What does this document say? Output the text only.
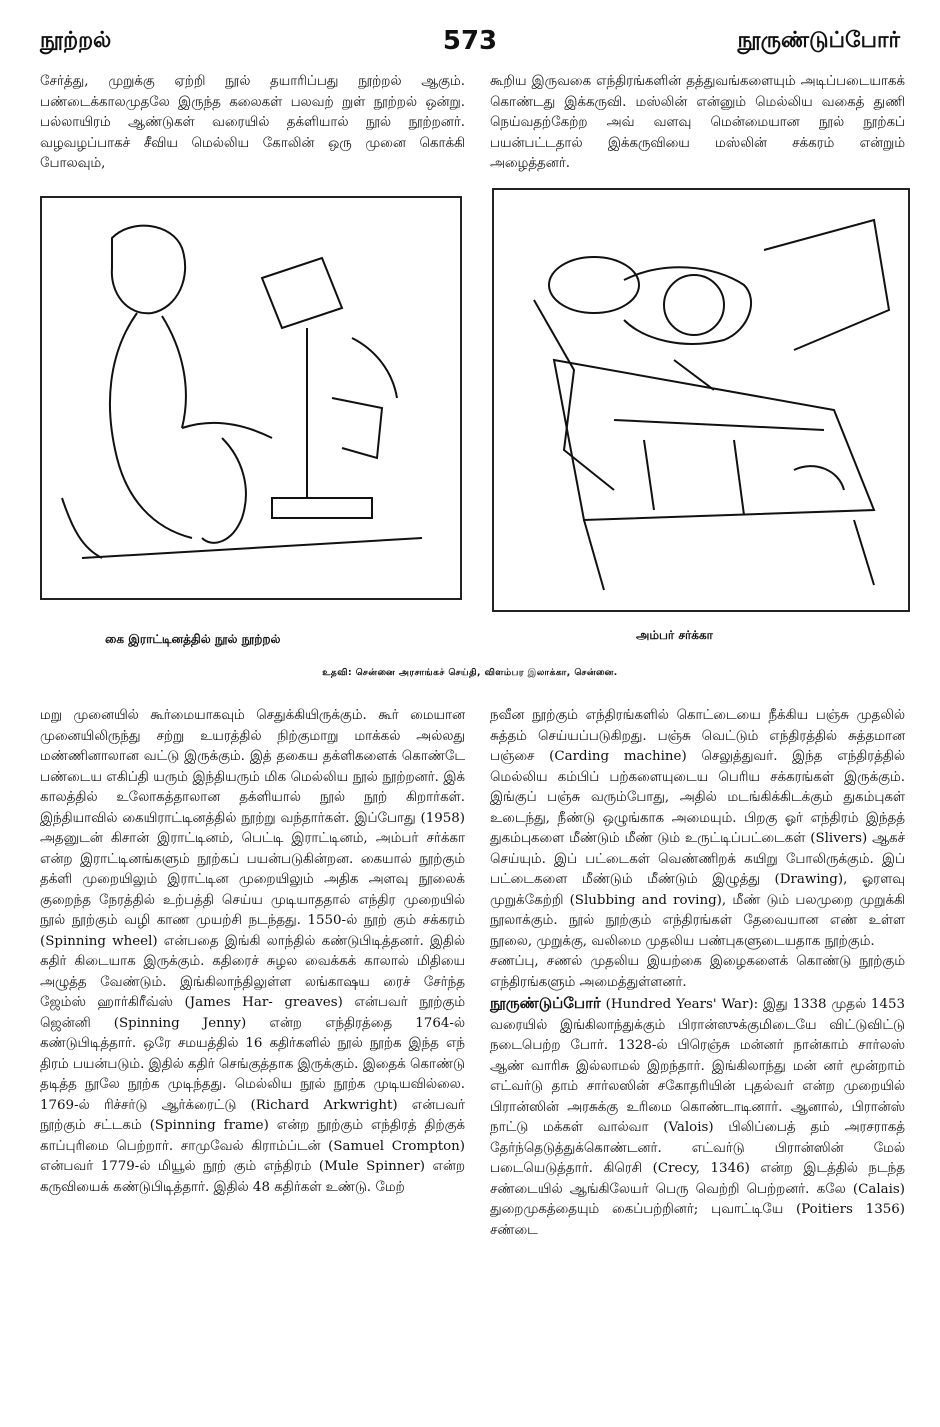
நூற்றல்	573	நூருண்டுப்போர்

சேர்த்து, முறுக்கு ஏற்றி நூல் தயாரிப்பது நூற்றல் ஆகும். பண்டைக்காலமுதலே இருந்த கலைகள் பலவற் றுள் நூற்றல் ஒன்று. பல்லாயிரம் ஆண்டுகள் வரையில் தக்ளியால் நூல் நூற்றனர். வழவழப்பாகச் சீவிய மெல்லிய கோலின் ஒரு முனை கொக்கி போலவும்,

கூறிய இருவகை எந்திரங்களின் தத்துவங்களையும் அடிப்படையாகக் கொண்டது இக்கருவி. மஸ்லின் என்னும் மெல்லிய வகைத் துணி நெய்வதற்கேற்ற அவ் வளவு மென்மையான நூல் நூற்கப் பயன்பட்டதால் இக்கருவியை மஸ்லின் சக்கரம் என்றும் அழைத்தனர்.

கை இராட்டினத்தில் நூல் நூற்றல்	அம்பர் சர்க்கா
உதவி: சென்னை அரசாங்கச் செய்தி, விளம்பர இலாக்கா, சென்னை.

மறு முனையில் கூர்மையாகவும் செதுக்கியிருக்கும். கூர் மையான முனையிலிருந்து சற்று உயரத்தில் நிற்குமாறு மாக்கல் அல்லது மண்ணினாலான வட்டு இருக்கும். இத் தகைய தக்ளிகளைக் கொண்டே பண்டைய எகிப்தி யரும் இந்தியரும் மிக மெல்லிய நூல் நூற்றனர். இக் காலத்தில் உலோகத்தாலான தக்ளியால் நூல் நூற் கிறார்கள். இந்தியாவில் கையிராட்டினத்தில் நூற்று வந்தார்கள். இப்போது (1958) அதனுடன் கிசான் இராட்டினம், பெட்டி இராட்டினம், அம்பர் சர்க்கா என்ற இராட்டினங்களும் நூற்கப் பயன்படுகின்றன. கையால் நூற்கும் தக்ளி முறையிலும் இராட்டின முறையிலும் அதிக அளவு நூலைக் குறைந்த நேரத்தில் உற்பத்தி செய்ய முடியாததால் எந்திர முறையில் நூல் நூற்கும் வழி காண முயற்சி நடந்தது. 1550-ல் நூற் கும் சக்கரம் (Spinning wheel) என்பதை இங்கி லாந்தில் கண்டுபிடித்தனர். இதில் கதிர் கிடையாக இருக்கும். கதிரைச் சுழல வைக்கக் காலால் மிதியை அழுத்த வேண்டும். இங்கிலாந்திலுள்ள லங்காஷய ரைச் சேர்ந்த ஜேம்ஸ் ஹார்கிரீவ்ஸ் (James Har- greaves) என்பவர் நூற்கும் ஜென்னி (Spinning Jenny) என்ற எந்திரத்தை 1764-ல் கண்டுபிடித்தார். ஒரே சமயத்தில் 16 கதிர்களில் நூல் நூற்க இந்த எந் திரம் பயன்படும். இதில் கதிர் செங்குத்தாக இருக்கும். இதைக் கொண்டு தடித்த நூலே நூற்க முடிந்தது. மெல்லிய நூல் நூற்க முடியவில்லை. 1769-ல் ரிச்சர்டு ஆர்க்ரைட்டு (Richard Arkwright) என்பவர் நூற்கும் சட்டகம் (Spinning frame) என்ற நூற்கும் எந்திரத் திற்குக் காப்புரிமை பெற்றார். சாமுவேல் கிராம்ப்டன் (Samuel Crompton) என்பவர் 1779-ல் மியூல் நூற் கும் எந்திரம் (Mule Spinner) என்ற கருவியைக் கண்டுபிடித்தார். இதில் 48 கதிர்கள் உண்டு. மேற்

நவீன நூற்கும் எந்திரங்களில் கொட்டையை நீக்கிய பஞ்சு முதலில் சுத்தம் செய்யப்படுகிறது. பஞ்சு வெட்டும் எந்திரத்தில் சுத்தமான பஞ்சை (Carding machine) செலுத்துவர். இந்த எந்திரத்தில் மெல்லிய கம்பிப் பற்களையுடைய பெரிய சக்கரங்கள் இருக்கும். இங்குப் பஞ்சு வரும்போது, அதில் மடங்கிக்கிடக்கும் துகம்புகள் உடைந்து, நீண்டு ஒழுங்காக அமையும். பிறகு ஓர் எந்திரம் இந்தத் துகம்புகளை மீண்டும் மீண் டும் உருட்டிப்பட்டைகள் (Slivers) ஆகச் செய்யும். இப் பட்டைகள் வெண்ணிறக் கயிறு போலிருக்கும். இப் பட்டைகளை மீண்டும் மீண்டும் இழுத்து (Drawing), ஓரளவு முறுக்கேற்றி (Slubbing and roving), மீண் டும் பலமுறை முறுக்கி நூலாக்கும். நூல் நூற்கும் எந்திரங்கள் தேவையான எண் உள்ள நூலை, முறுக்கு, வலிமை முதலிய பண்புகளுடையதாக நூற்கும்.

சணப்பு, சணல் முதலிய இயற்கை இழைகளைக் கொண்டு நூற்கும் எந்திரங்களும் அமைத்துள்ளனர்.

நூருண்டுப்போர் (Hundred Years' War): இது 1338 முதல் 1453 வரையில் இங்கிலாந்துக்கும் பிரான்ஸுக்குமிடையே விட்டுவிட்டு நடைபெற்ற போர். 1328-ல் பிரெஞ்சு மன்னர் நான்காம் சார்லஸ் ஆண் வாரிசு இல்லாமல் இறந்தார். இங்கிலாந்து மன் னர் மூன்றாம் எட்வர்டு தாம் சார்லஸின் சகோதரியின் புதல்வர் என்ற முறையில் பிரான்ஸின் அரசுக்கு உரிமை கொண்டாடினார். ஆனால், பிரான்ஸ் நாட்டு மக்கள் வால்வா (Valois) பிலிப்பைத் தம் அரசராகத் தேர்ந்தெடுத்துக்கொண்டனர். எட்வர்டு பிரான்ஸின் மேல் படையெடுத்தார். கிரெசி (Crecy, 1346) என்ற இடத்தில் நடந்த சண்டையில் ஆங்கிலேயர் பெரு வெற்றி பெற்றனர். கலே (Calais) துறைமுகத்தையும் கைப்பற்றினர்; புவாட்டியே (Poitiers 1356) சண்டை
